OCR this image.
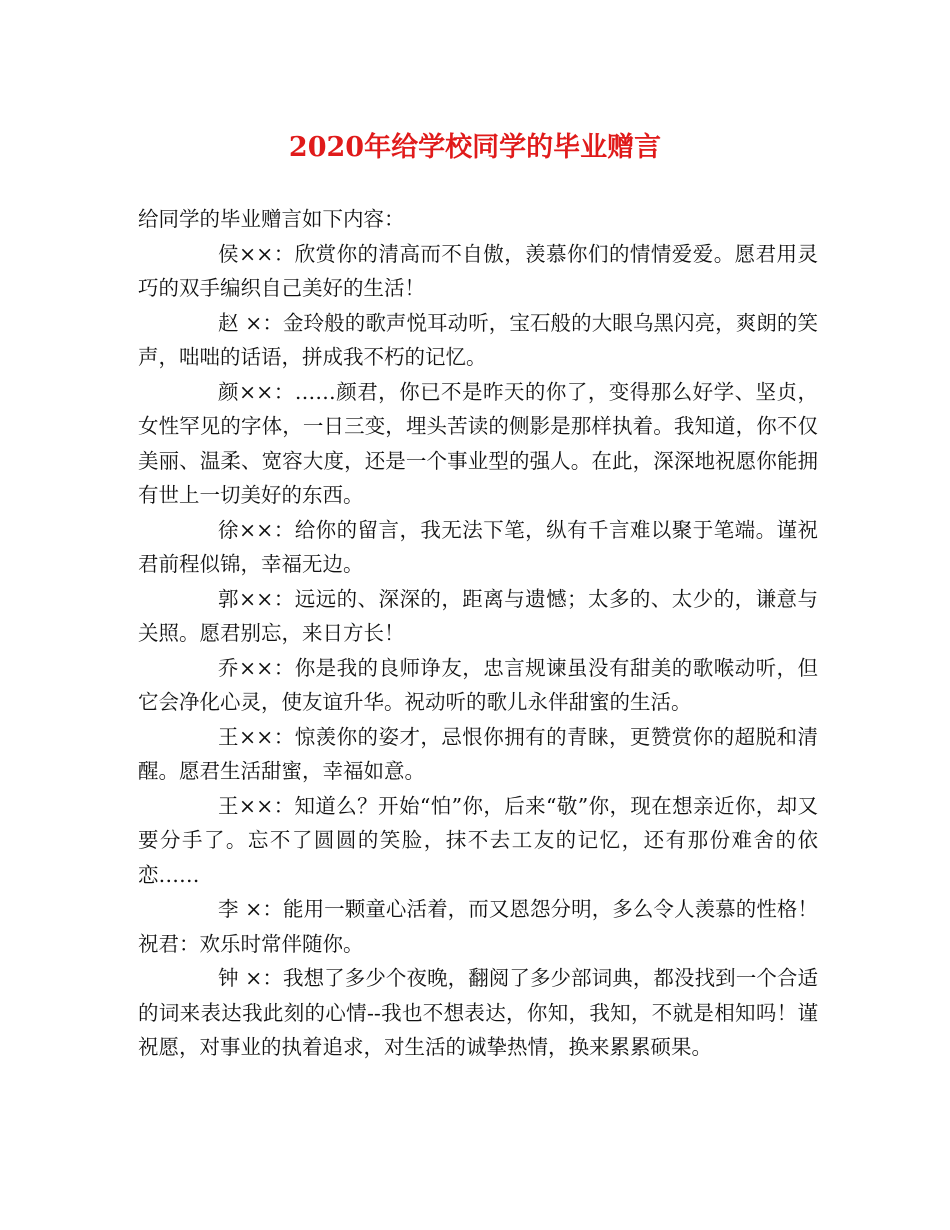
2020年给学校同学的毕业赠言

给同学的毕业赠言如下内容：

侯××：欣赏你的清高而不自傲，羡慕你们的情情爱爱。愿君用灵巧的双手编织自己美好的生活！

赵 ×：金玲般的歌声悦耳动听，宝石般的大眼乌黑闪亮，爽朗的笑声，咄咄的话语，拼成我不朽的记忆。

颜××：……颜君，你已不是昨天的你了，变得那么好学、坚贞，女性罕见的字体，一日三变，埋头苦读的侧影是那样执着。我知道，你不仅美丽、温柔、宽容大度，还是一个事业型的强人。在此，深深地祝愿你能拥有世上一切美好的东西。

徐××：给你的留言，我无法下笔，纵有千言难以聚于笔端。谨祝君前程似锦，幸福无边。

郭××：远远的、深深的，距离与遗憾；太多的、太少的，谦意与关照。愿君别忘，来日方长！

乔××：你是我的良师诤友，忠言规谏虽没有甜美的歌喉动听，但它会净化心灵，使友谊升华。祝动听的歌儿永伴甜蜜的生活。

王××：惊羡你的姿才，忌恨你拥有的青睐，更赞赏你的超脱和清醒。愿君生活甜蜜，幸福如意。

王××：知道么？开始“怕”你，后来“敬”你，现在想亲近你，却又要分手了。忘不了圆圆的笑脸，抹不去工友的记忆，还有那份难舍的依恋……

李 ×：能用一颗童心活着，而又恩怨分明，多么令人羡慕的性格！祝君：欢乐时常伴随你。

钟 ×：我想了多少个夜晚，翻阅了多少部词典，都没找到一个合适的词来表达我此刻的心情--我也不想表达，你知，我知，不就是相知吗！谨祝愿，对事业的执着追求，对生活的诚挚热情，换来累累硕果。
